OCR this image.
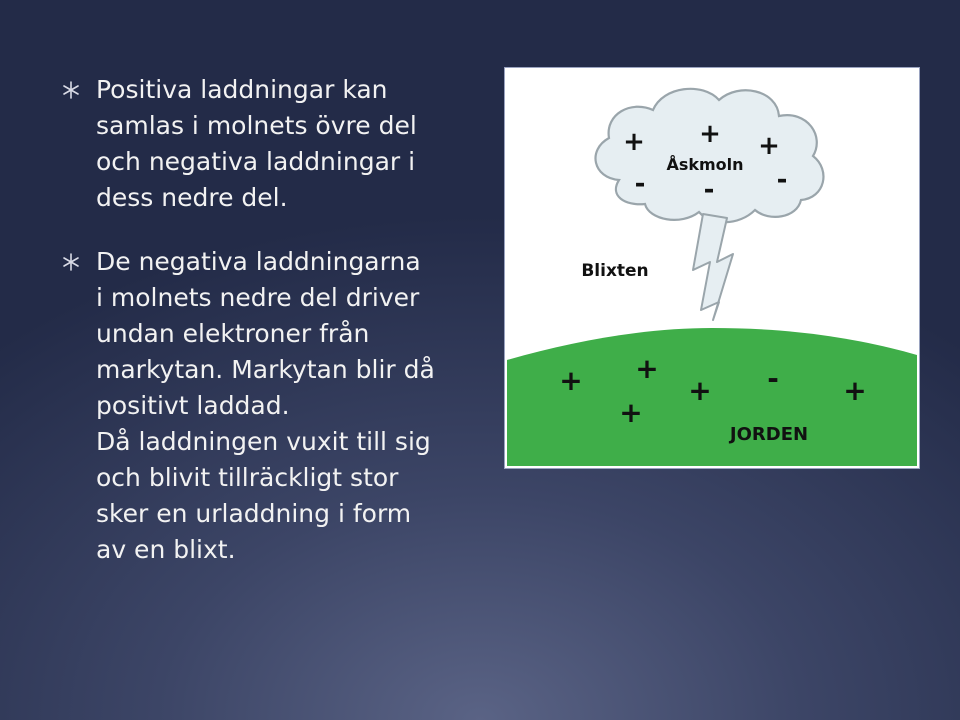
Positiva laddningar kan
samlas i molnets övre del
och negativa laddningar i
dess nedre del.
De negativa laddningarna
i molnets nedre del driver
undan elektroner från
markytan. Markytan blir då
positivt laddad.
Då laddningen vuxit till sig
och blivit tillräckligt stor
sker en urladdning i form
av en blixt.
+ + +
- - -
Åskmoln
Blixten
+ +
+
+
- +
JORDEN
